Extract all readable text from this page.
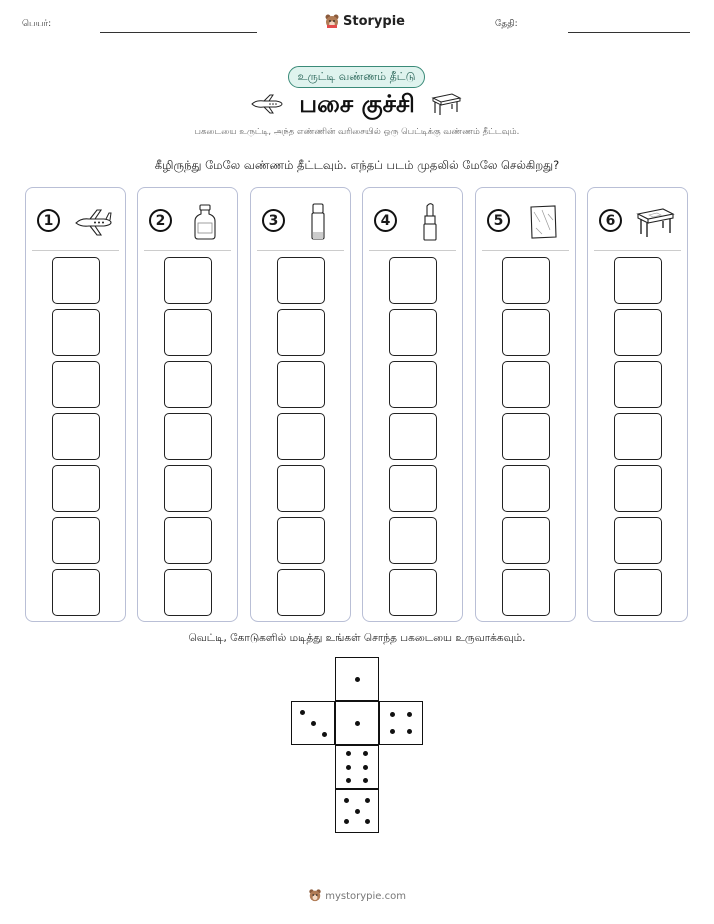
பெயர்:	Storypie	தேதி:
உருட்டி வண்ணம் தீட்டு
பசை குச்சி
பகடையை உருட்டி, அந்த எண்ணின் வரிசையில் ஒரு பெட்டிக்கு வண்ணம் தீட்டவும்.
கீழிருந்து மேலே வண்ணம் தீட்டவும். எந்தப் படம் முதலில் மேலே செல்கிறது?
1	2	3	4	5	6
வெட்டி, கோடுகளில் மடித்து உங்கள் சொந்த பகடையை உருவாக்கவும்.
mystorypie.com
